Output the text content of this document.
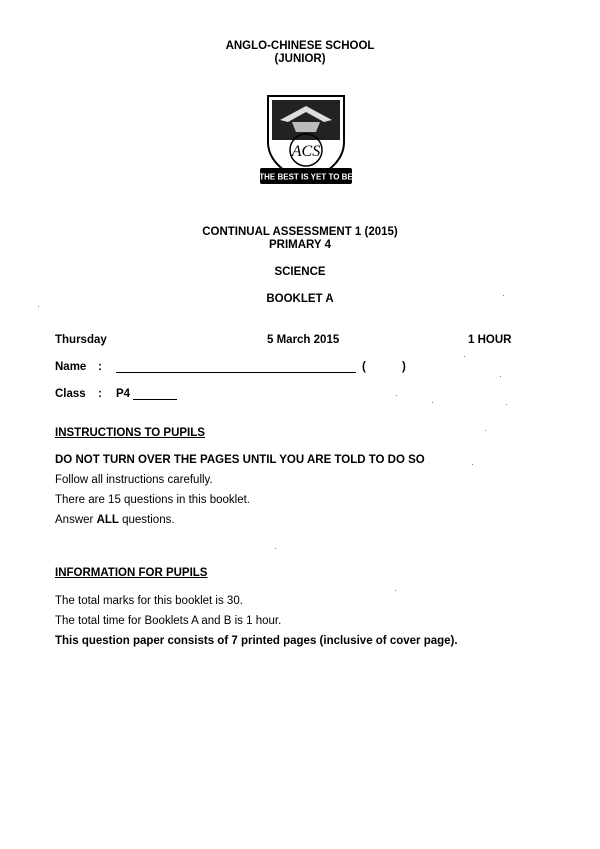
ANGLO-CHINESE SCHOOL
(JUNIOR)
ACS
THE BEST IS YET TO BE
CONTINUAL ASSESSMENT 1 (2015)
PRIMARY 4
SCIENCE
BOOKLET A
Thursday	5 March 2015	1 HOUR
Name :	(	)
Class : P4
INSTRUCTIONS TO PUPILS
DO NOT TURN OVER THE PAGES UNTIL YOU ARE TOLD TO DO SO
Follow all instructions carefully.
There are 15 questions in this booklet.
Answer ALL questions.
INFORMATION FOR PUPILS
The total marks for this booklet is 30.
The total time for Booklets A and B is 1 hour.
This question paper consists of 7 printed pages (inclusive of cover page).
